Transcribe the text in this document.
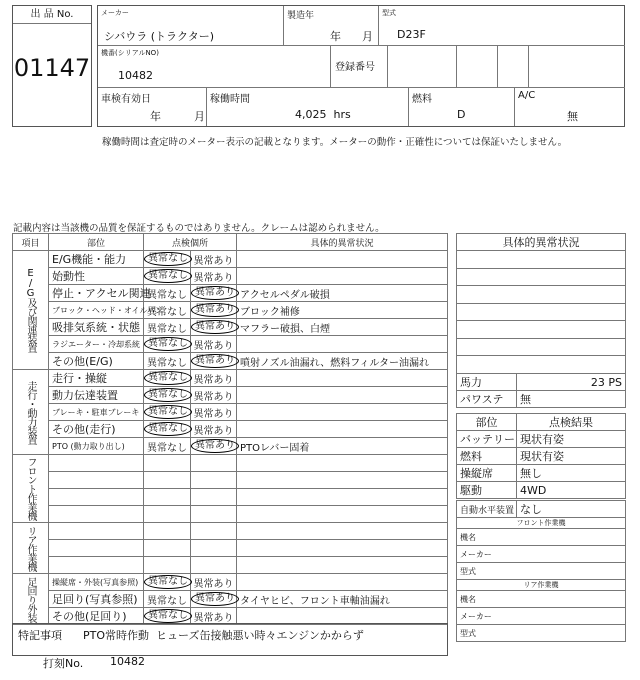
出 品 No.
01147
メーカー
シバウラ (トラクター)
製造年
年 月
型式
D23F
機番(シリアルNO)
10482
登録番号
車検有効日
年	月
稼働時間
4,025  hrs
燃料
D
A/C
無
稼働時間は査定時のメーター表示の記載となります。メーターの動作・正確性については保証いたしません。
記載内容は当該機の品質を保証するものではありません。クレームは認められません。
項目	部位	点検個所		具体的異常状況
E/G及び関連装置	E/G機能・能力	異常なし	異常あり	
	始動性	異常なし	異常あり	
	停止・アクセル関連	異常なし	異常あり	アクセルペダル破損
	ブロック・ヘッド・オイルパン	異常なし	異常あり	ブロック補修
	吸排気系統・状態	異常なし	異常あり	マフラー破損、白煙
	ラジエーター・冷却系統	異常なし	異常あり	
	その他(E/G)	異常なし	異常あり	噴射ノズル油漏れ、燃料フィルター油漏れ
走行・動力装置	走行・操縦	異常なし	異常あり	
	動力伝達装置	異常なし	異常あり	
	ブレーキ・駐車ブレーキ	異常なし	異常あり	
	その他(走行)	異常なし	異常あり	
	PTO (動力取り出し)	異常なし	異常あり	PTOレバー固着
フロント作業機				

リア作業機				

足回り外装	操縦席・外装(写真参照)	異常なし	異常あり	
	足回り(写真参照)	異常なし	異常あり	タイヤヒビ、フロント車軸油漏れ
	その他(足回り)	異常なし	異常あり	
特記事項 PTO常時作動  ヒューズ缶接触悪い時々エンジンかからず
打刻No. 10482
具体的異常状況

馬力	23 PS
パワステ	無
部位	点検結果
バッテリー	現状有姿
燃料	現状有姿
操縦席	無し
駆動	4WD
自動水平装置	なし
フロント作業機
機名
メーカー
型式
リア作業機
機名
メーカー
型式
